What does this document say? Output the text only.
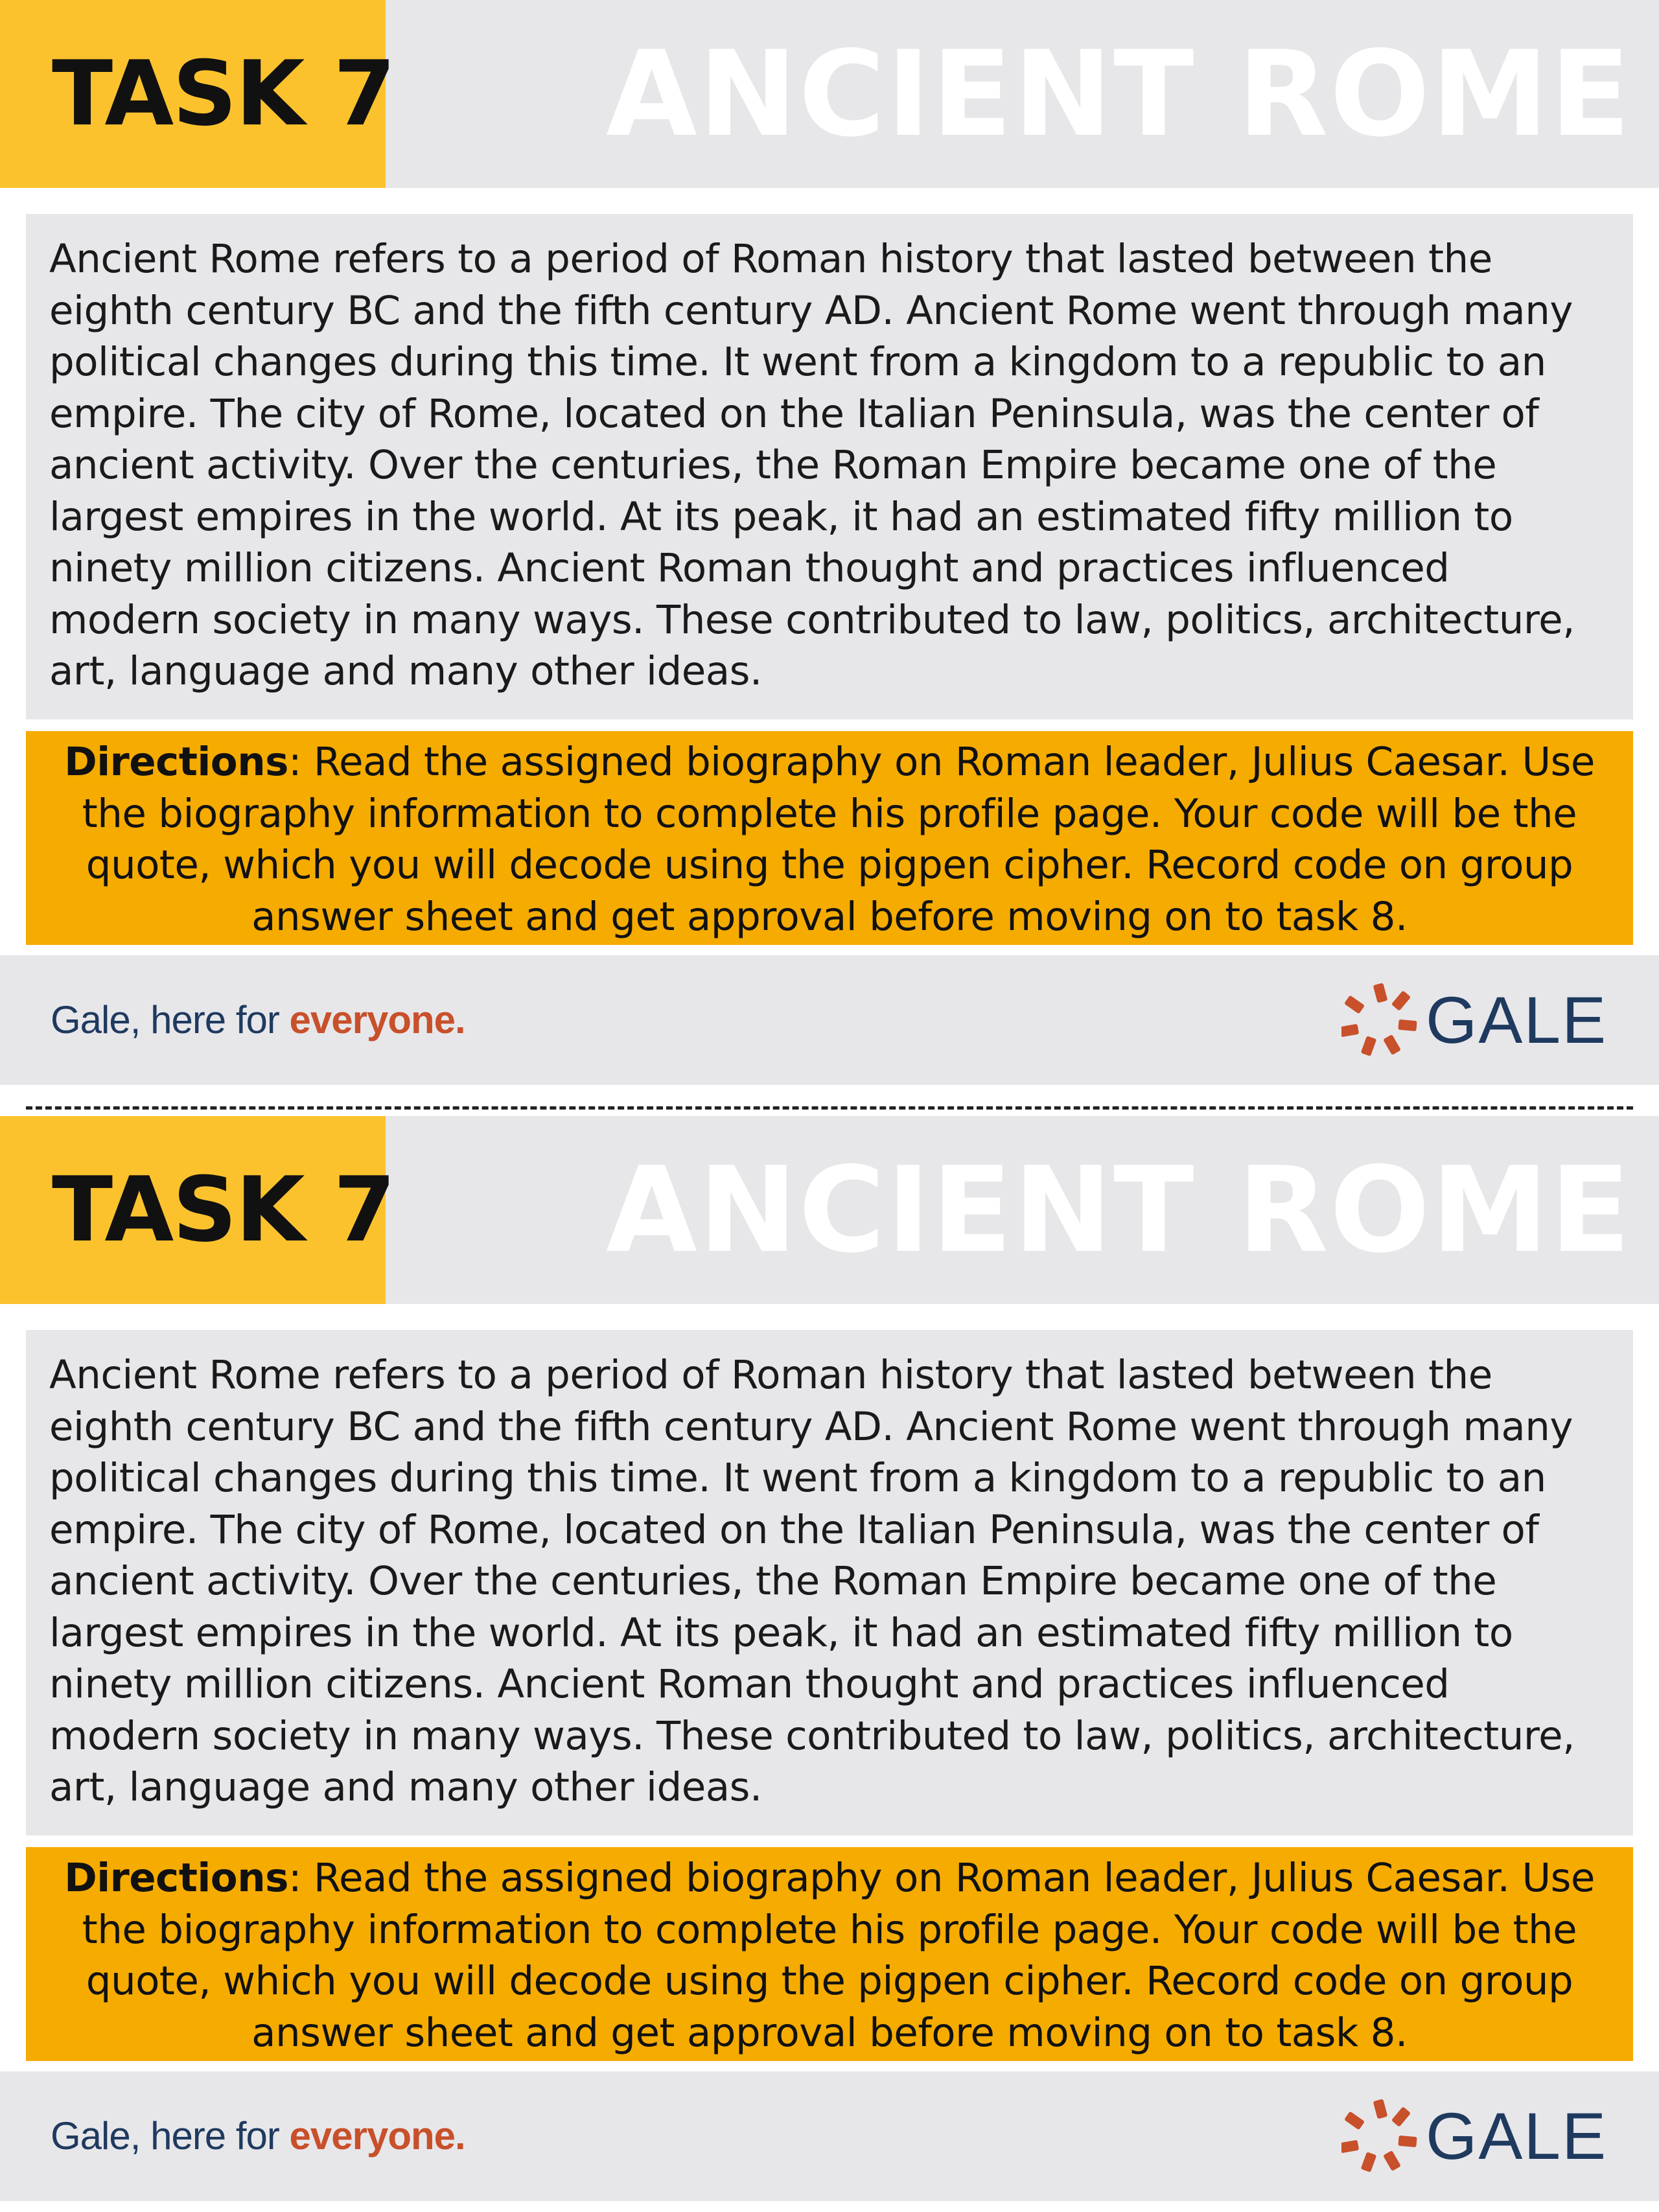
TASK 7 ANCIENT ROME

Ancient Rome refers to a period of Roman history that lasted between the eighth century BC and the fifth century AD. Ancient Rome went through many political changes during this time. It went from a kingdom to a republic to an empire. The city of Rome, located on the Italian Peninsula, was the center of ancient activity. Over the centuries, the Roman Empire became one of the largest empires in the world. At its peak, it had an estimated fifty million to ninety million citizens. Ancient Roman thought and practices influenced modern society in many ways. These contributed to law, politics, architecture, art, language and many other ideas.

Directions: Read the assigned biography on Roman leader, Julius Caesar. Use the biography information to complete his profile page. Your code will be the quote, which you will decode using the pigpen cipher. Record code on group answer sheet and get approval before moving on to task 8.

Gale, here for everyone.	GALE
TASK 7 ANCIENT ROME

Ancient Rome refers to a period of Roman history that lasted between the eighth century BC and the fifth century AD. Ancient Rome went through many political changes during this time. It went from a kingdom to a republic to an empire. The city of Rome, located on the Italian Peninsula, was the center of ancient activity. Over the centuries, the Roman Empire became one of the largest empires in the world. At its peak, it had an estimated fifty million to ninety million citizens. Ancient Roman thought and practices influenced modern society in many ways. These contributed to law, politics, architecture, art, language and many other ideas.

Directions: Read the assigned biography on Roman leader, Julius Caesar. Use the biography information to complete his profile page. Your code will be the quote, which you will decode using the pigpen cipher. Record code on group answer sheet and get approval before moving on to task 8.

Gale, here for everyone.	GALE
